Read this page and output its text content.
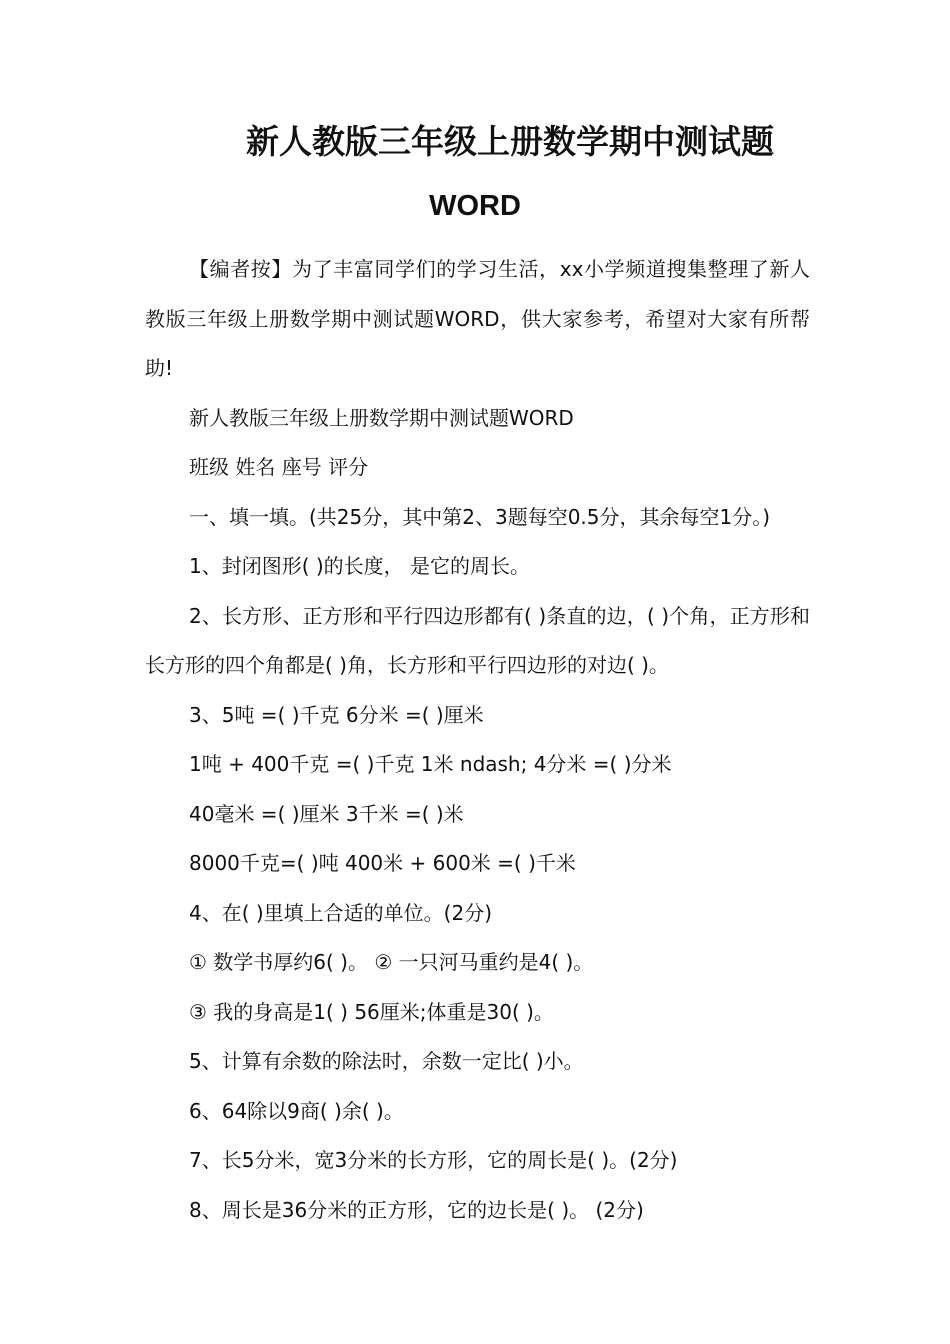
新人教版三年级上册数学期中测试题
WORD

【编者按】为了丰富同学们的学习生活，xx小学频道搜集整理了新人教版三年级上册数学期中测试题WORD，供大家参考，希望对大家有所帮助!

新人教版三年级上册数学期中测试题WORD

班级 姓名 座号 评分

一、填一填。(共25分，其中第2、3题每空0.5分，其余每空1分。)

1、封闭图形( )的长度， 是它的周长。

2、长方形、正方形和平行四边形都有( )条直的边，( )个角，正方形和长方形的四个角都是( )角，长方形和平行四边形的对边( )。

3、5吨 =( )千克 6分米 =( )厘米

1吨 + 400千克 =( )千克 1米 ndash; 4分米 =( )分米

40毫米 =( )厘米 3千米 =( )米

8000千克=( )吨 400米 + 600米 =( )千米

4、在( )里填上合适的单位。(2分)

① 数学书厚约6( )。 ② 一只河马重约是4( )。

③ 我的身高是1( ) 56厘米;体重是30( )。

5、计算有余数的除法时，余数一定比( )小。

6、64除以9商( )余( )。

7、长5分米，宽3分米的长方形，它的周长是( )。(2分)

8、周长是36分米的正方形，它的边长是( )。 (2分)
